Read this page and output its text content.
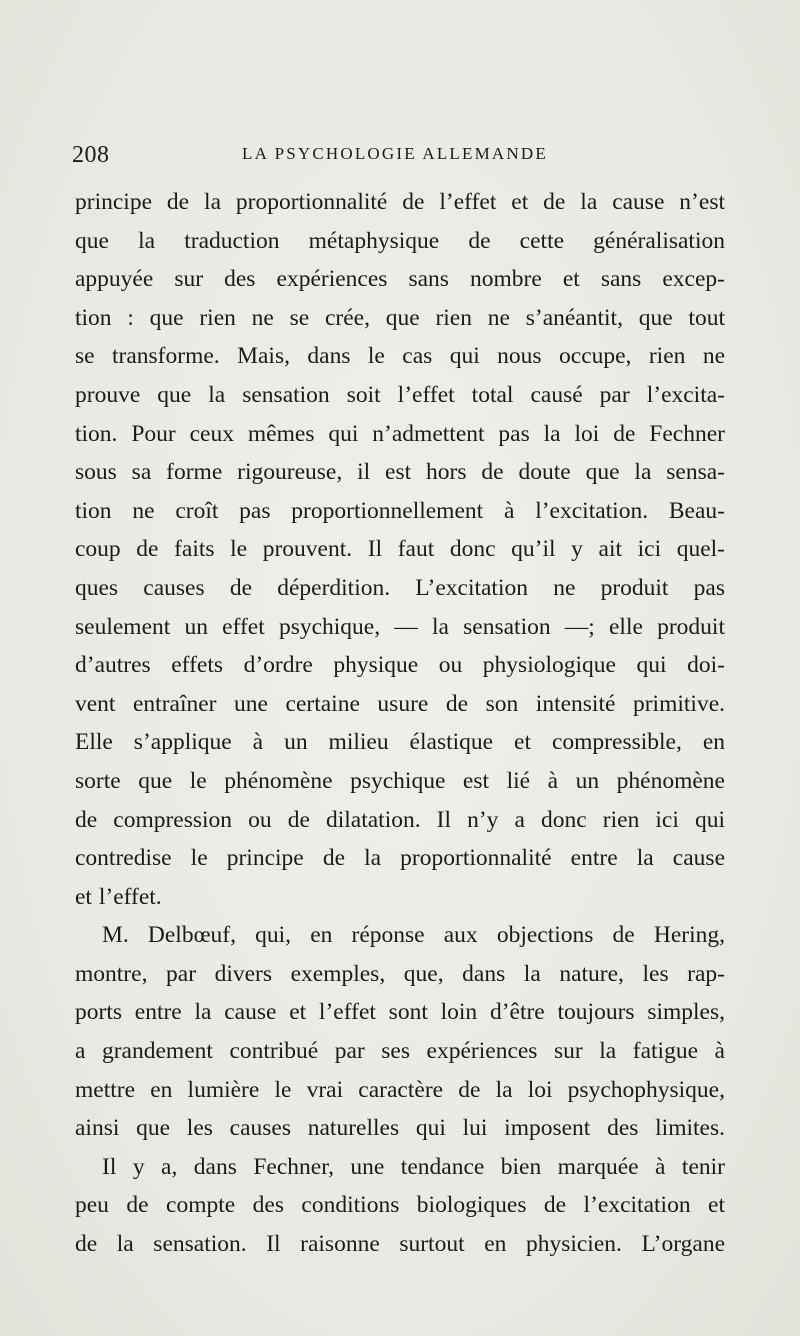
208	LA PSYCHOLOGIE ALLEMANDE
principe de la proportionnalité de l’effet et de la cause n’est
que la traduction métaphysique de cette généralisation
appuyée sur des expériences sans nombre et sans excep-
tion : que rien ne se crée, que rien ne s’anéantit, que tout
se transforme. Mais, dans le cas qui nous occupe, rien ne
prouve que la sensation soit l’effet total causé par l’excita-
tion. Pour ceux mêmes qui n’admettent pas la loi de Fechner
sous sa forme rigoureuse, il est hors de doute que la sensa-
tion ne croît pas proportionnellement à l’excitation. Beau-
coup de faits le prouvent. Il faut donc qu’il y ait ici quel-
ques causes de déperdition. L’excitation ne produit pas
seulement un effet psychique, — la sensation —; elle produit
d’autres effets d’ordre physique ou physiologique qui doi-
vent entraîner une certaine usure de son intensité primitive.
Elle s’applique à un milieu élastique et compressible, en
sorte que le phénomène psychique est lié à un phénomène
de compression ou de dilatation. Il n’y a donc rien ici qui
contredise le principe de la proportionnalité entre la cause
et l’effet.
M. Delbœuf, qui, en réponse aux objections de Hering,
montre, par divers exemples, que, dans la nature, les rap-
ports entre la cause et l’effet sont loin d’être toujours simples,
a grandement contribué par ses expériences sur la fatigue à
mettre en lumière le vrai caractère de la loi psychophysique,
ainsi que les causes naturelles qui lui imposent des limites.
Il y a, dans Fechner, une tendance bien marquée à tenir
peu de compte des conditions biologiques de l’excitation et
de la sensation. Il raisonne surtout en physicien. L’organe
